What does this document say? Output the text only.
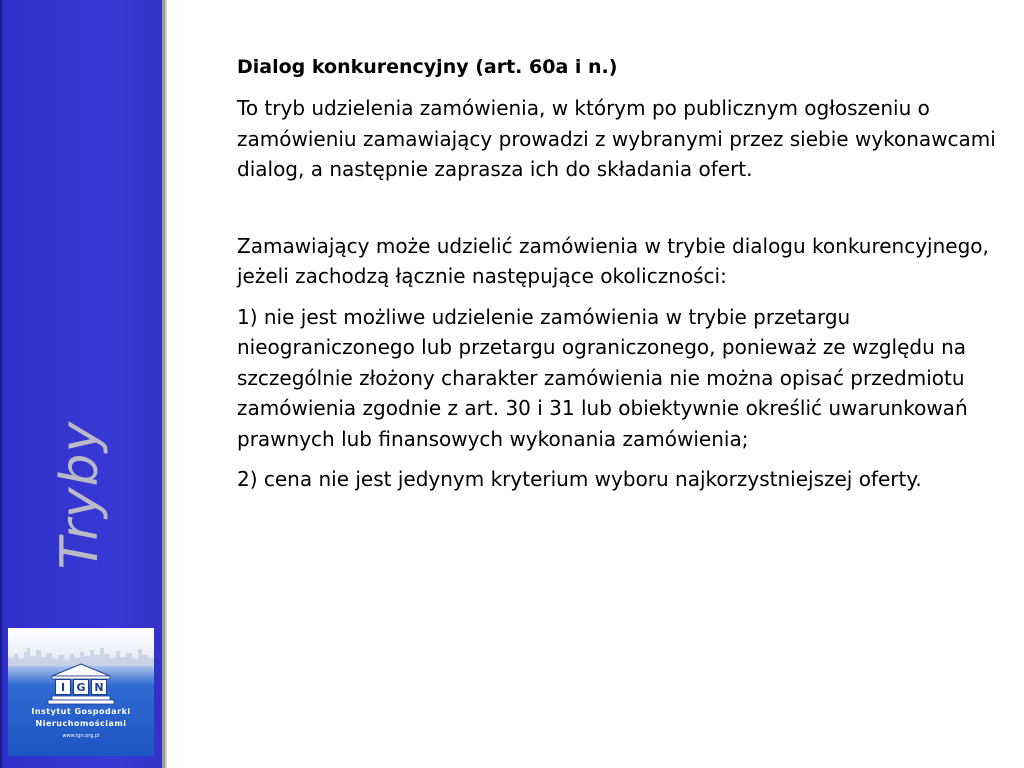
Tryby
I	G N
Instytut Gospodarki
Nieruchomościami
www.ign.org.pl
Dialog konkurencyjny (art. 60a i n.)

To tryb udzielenia zamówienia, w którym po publicznym ogłoszeniu o zamówieniu zamawiający prowadzi z wybranymi przez siebie wykonawcami dialog, a następnie zaprasza ich do składania ofert.

Zamawiający może udzielić zamówienia w trybie dialogu konkurencyjnego, jeżeli zachodzą łącznie następujące okoliczności:

1) nie jest możliwe udzielenie zamówienia w trybie przetargu nieograniczonego lub przetargu ograniczonego, ponieważ ze względu na szczególnie złożony charakter zamówienia nie można opisać przedmiotu zamówienia zgodnie z art. 30 i 31 lub obiektywnie określić uwarunkowań prawnych lub finansowych wykonania zamówienia;

2) cena nie jest jedynym kryterium wyboru najkorzystniejszej oferty.
